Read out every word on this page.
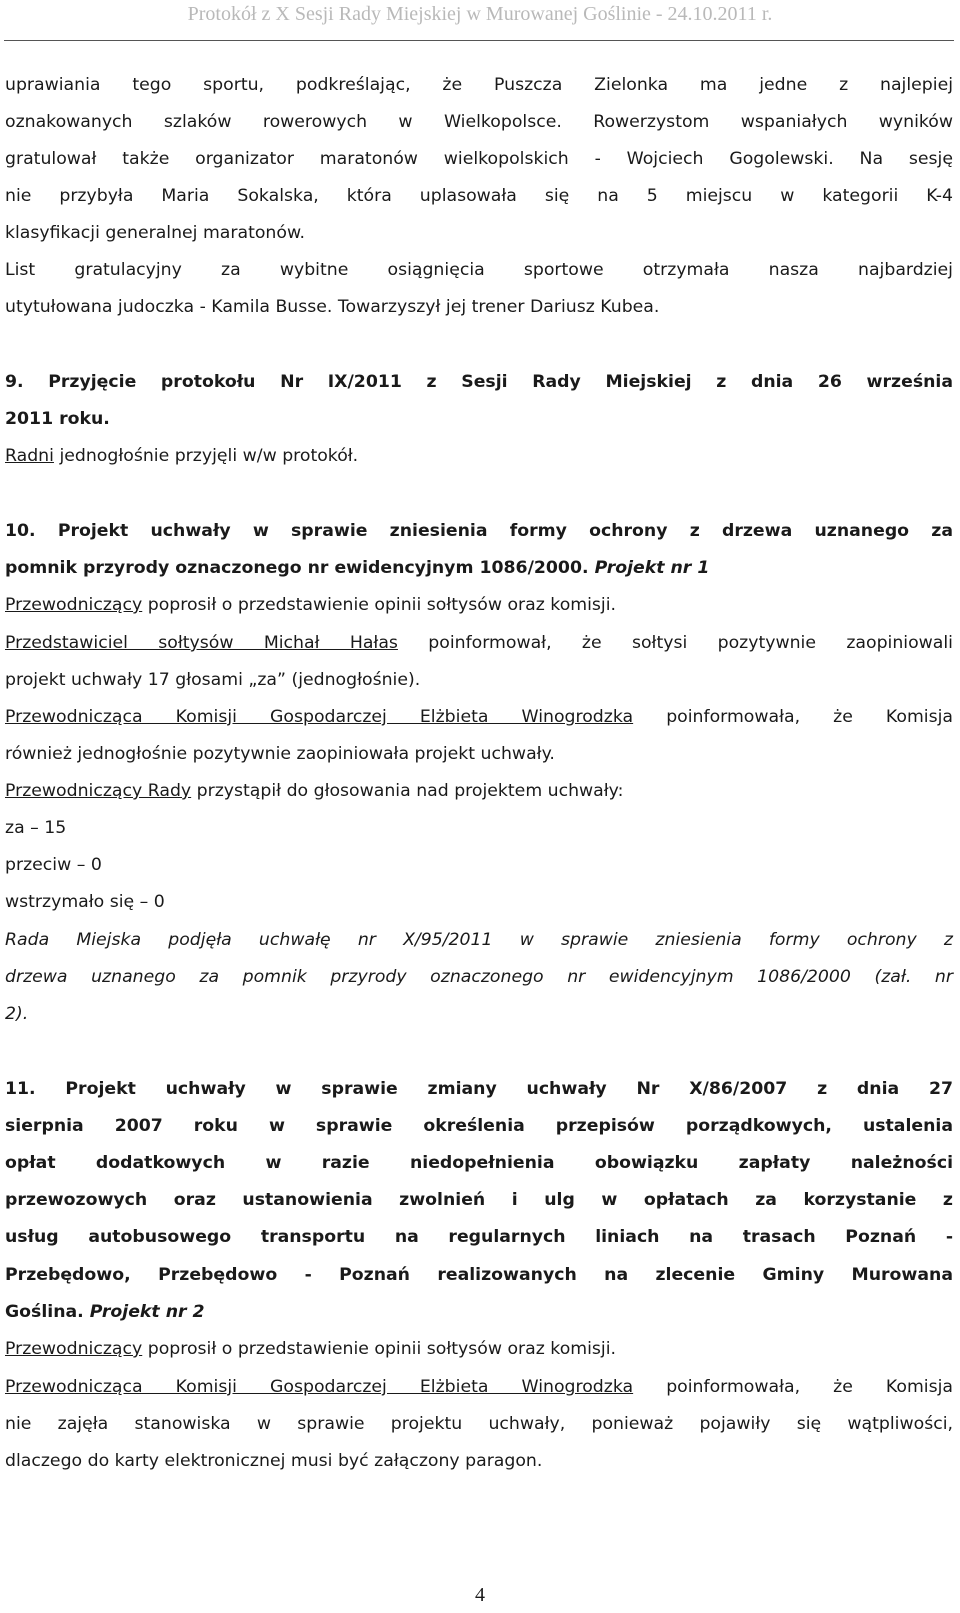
Protokół z X Sesji Rady Miejskiej w Murowanej Goślinie - 24.10.2011 r.
uprawiania tego sportu, podkreślając, że Puszcza Zielonka ma jedne z najlepiej
oznakowanych szlaków rowerowych w Wielkopolsce. Rowerzystom wspaniałych wyników
gratulował także organizator maratonów wielkopolskich - Wojciech Gogolewski. Na sesję
nie przybyła Maria Sokalska, która uplasowała się na 5 miejscu w kategorii K-4
klasyfikacji generalnej maratonów.
List gratulacyjny za wybitne osiągnięcia sportowe otrzymała nasza najbardziej
utytułowana judoczka - Kamila Busse. Towarzyszył jej trener Dariusz Kubea.
9. Przyjęcie protokołu Nr IX/2011 z Sesji Rady Miejskiej z dnia 26 września
2011 roku.
Radni jednogłośnie przyjęli w/w protokół.
10. Projekt uchwały w sprawie zniesienia formy ochrony z drzewa uznanego za
pomnik przyrody oznaczonego nr ewidencyjnym 1086/2000. Projekt nr 1
Przewodniczący poprosił o przedstawienie opinii sołtysów oraz komisji.
Przedstawiciel sołtysów Michał Hałas poinformował, że sołtysi pozytywnie zaopiniowali
projekt uchwały 17 głosami „za” (jednogłośnie).
Przewodnicząca Komisji Gospodarczej Elżbieta Winogrodzka poinformowała, że Komisja
również jednogłośnie pozytywnie zaopiniowała projekt uchwały.
Przewodniczący Rady przystąpił do głosowania nad projektem uchwały:
za – 15
przeciw – 0
wstrzymało się – 0
Rada Miejska podjęła uchwałę nr X/95/2011 w sprawie zniesienia formy ochrony z
drzewa uznanego za pomnik przyrody oznaczonego nr ewidencyjnym 1086/2000 (zał. nr
2).
11. Projekt uchwały w sprawie zmiany uchwały Nr X/86/2007 z dnia 27
sierpnia 2007 roku w sprawie określenia przepisów porządkowych, ustalenia
opłat dodatkowych w razie niedopełnienia obowiązku zapłaty należności
przewozowych oraz ustanowienia zwolnień i ulg w opłatach za korzystanie z
usług autobusowego transportu na regularnych liniach na trasach Poznań -
Przebędowo, Przebędowo - Poznań realizowanych na zlecenie Gminy Murowana
Goślina. Projekt nr 2
Przewodniczący poprosił o przedstawienie opinii sołtysów oraz komisji.
Przewodnicząca Komisji Gospodarczej Elżbieta Winogrodzka poinformowała, że Komisja
nie zajęła stanowiska w sprawie projektu uchwały, ponieważ pojawiły się wątpliwości,
dlaczego do karty elektronicznej musi być załączony paragon.
4
